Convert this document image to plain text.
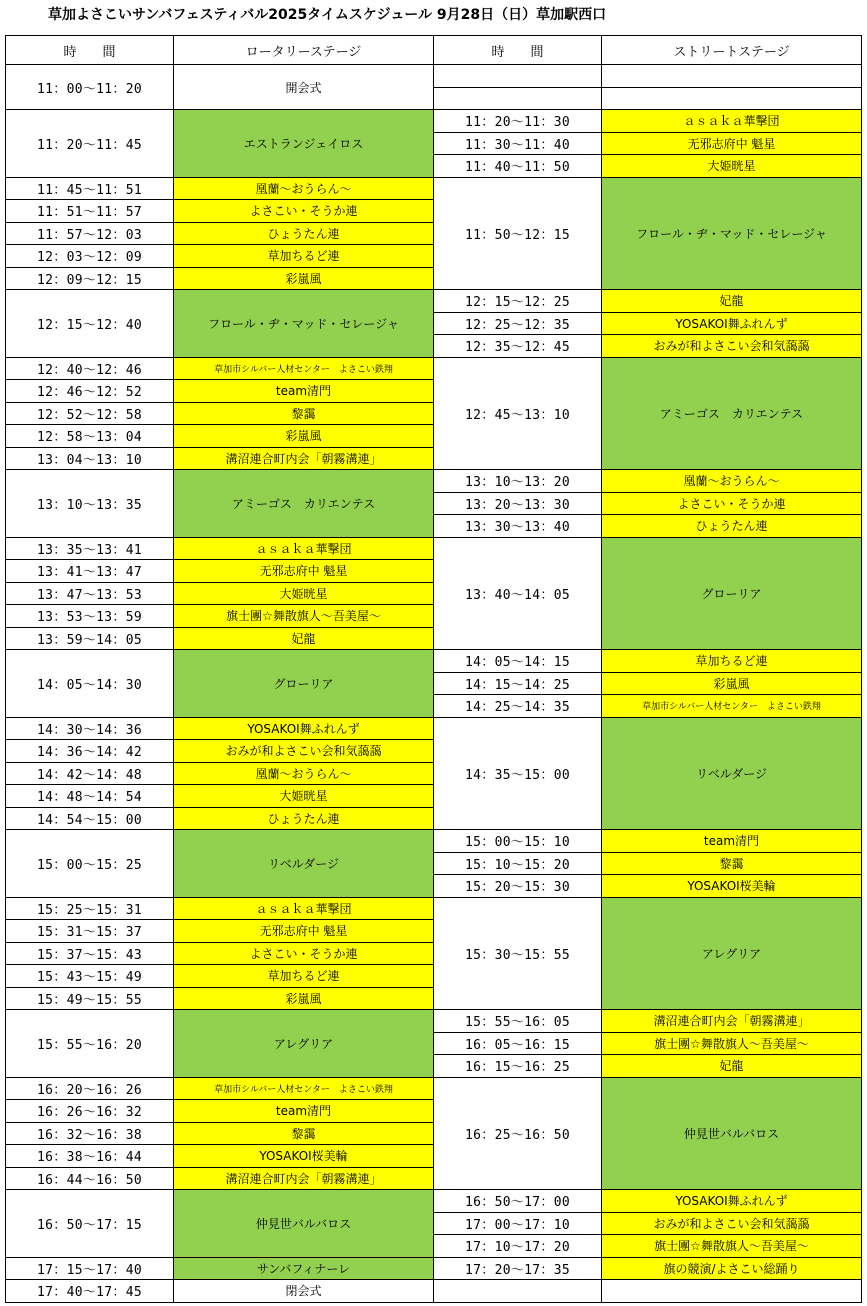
草加よさこいサンバフェスティバル2025タイムスケジュール 9月28日（日）草加駅西口
時　　間	ロータリーステージ	時　　間	ストリートステージ
11：00～11：20	開会式		

11：20～11：45	エストランジェイロス	11：20～11：30	ａｓａｋａ華撃団
		11：30～11：40	无邪志府中 魁星
		11：40～11：50	大姫晄星
11：45～11：51	凰蘭～おうらん～	11：50～12：15	フロール・ヂ・マッド・セレージャ
11：51～11：57	よさこい・そうか連		
11：57～12：03	ひょうたん連		
12：03～12：09	草加ちるど連		
12：09～12：15	彩嵐風		
12：15～12：40	フロール・ヂ・マッド・セレージャ	12：15～12：25	妃龍
		12：25～12：35	YOSAKOI舞ふれんず
		12：35～12：45	おみが和よさこい会和気藹藹
12：40～12：46	草加市シルバー人材センター　よさこい鉄翔	12：45～13：10	アミーゴス　カリエンテス
12：46～12：52	team清門		
12：52～12：58	黎靄		
12：58～13：04	彩嵐風		
13：04～13：10	溝沼連合町内会「朝霧溝連」		
13：10～13：35	アミーゴス　カリエンテス	13：10～13：20	凰蘭～おうらん～
		13：20～13：30	よさこい・そうか連
		13：30～13：40	ひょうたん連
13：35～13：41	ａｓａｋａ華撃団	13：40～14：05	グローリア
13：41～13：47	无邪志府中 魁星		
13：47～13：53	大姫晄星		
13：53～13：59	旗士團☆舞散旗人～吾美屋～		
13：59～14：05	妃龍		
14：05～14：30	グローリア	14：05～14：15	草加ちるど連
		14：15～14：25	彩嵐風
		14：25～14：35	草加市シルバー人材センター　よさこい鉄翔
14：30～14：36	YOSAKOI舞ふれんず	14：35～15：00	リベルダージ
14：36～14：42	おみが和よさこい会和気藹藹		
14：42～14：48	凰蘭～おうらん～		
14：48～14：54	大姫晄星		
14：54～15：00	ひょうたん連		
15：00～15：25	リベルダージ	15：00～15：10	team清門
		15：10～15：20	黎靄
		15：20～15：30	YOSAKOI桜美輪
15：25～15：31	ａｓａｋａ華撃団	15：30～15：55	アレグリア
15：31～15：37	无邪志府中 魁星		
15：37～15：43	よさこい・そうか連		
15：43～15：49	草加ちるど連		
15：49～15：55	彩嵐風		
15：55～16：20	アレグリア	15：55～16：05	溝沼連合町内会「朝霧溝連」
		16：05～16：15	旗士團☆舞散旗人～吾美屋～
		16：15～16：25	妃龍
16：20～16：26	草加市シルバー人材センター　よさこい鉄翔	16：25～16：50	仲見世バルバロス
16：26～16：32	team清門		
16：32～16：38	黎靄		
16：38～16：44	YOSAKOI桜美輪		
16：44～16：50	溝沼連合町内会「朝霧溝連」		
16：50～17：15	仲見世バルバロス	16：50～17：00	YOSAKOI舞ふれんず
		17：00～17：10	おみが和よさこい会和気藹藹
		17：10～17：20	旗士團☆舞散旗人～吾美屋～
17：15～17：40	サンバフィナーレ	17：20～17：35	旗の競演/よさこい総踊り
17：40～17：45	閉会式		
